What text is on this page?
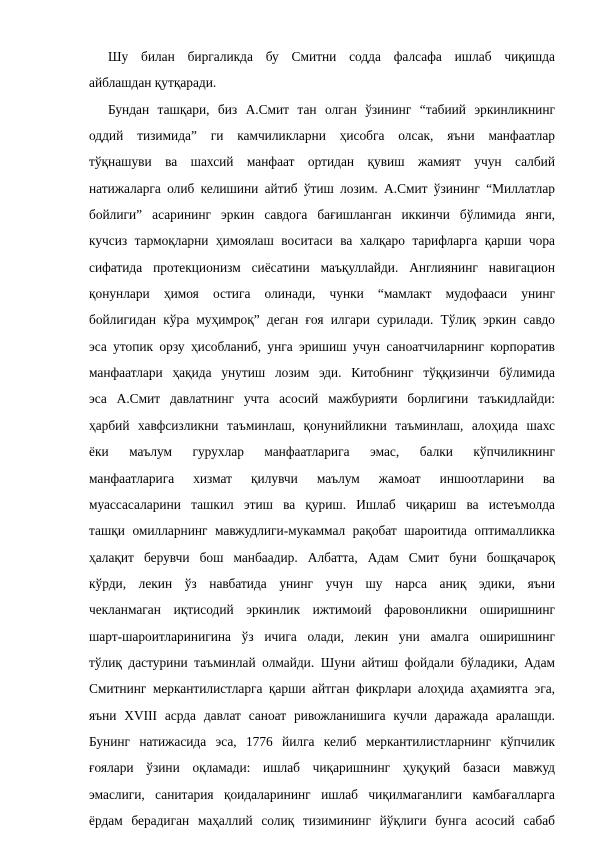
Шу билан биргаликда бу Смитни содда фалсафа ишлаб чиқишда
айблашдан қутқаради.
Бундан ташқари, биз А.Смит тан олган ўзининг “табиий эркинликнинг
оддий тизимида” ги камчиликларни ҳисобга олсак, яъни манфаатлар
тўқнашуви ва шахсий манфаат ортидан қувиш жамият учун салбий
натижаларга олиб келишини айтиб ўтиш лозим. А.Смит ўзининг “Миллатлар
бойлиги” асарининг эркин савдога бағишланган иккинчи бўлимида янги,
кучсиз тармоқларни ҳимоялаш воситаси ва халқаро тарифларга қарши чора
сифатида протекционизм сиёсатини маъқуллайди. Англиянинг навигацион
қонунлари ҳимоя остига олинади, чунки “мамлакт мудофааси унинг
бойлигидан кўра муҳимроқ” деган ғоя илгари сурилади. Тўлиқ эркин савдо
эса утопик орзу ҳисобланиб, унга эришиш учун саноатчиларнинг корпоратив
манфаатлари ҳақида унутиш лозим эди. Китобнинг тўққизинчи бўлимида
эса А.Смит давлатнинг учта асосий мажбурияти борлигини таъкидлайди:
ҳарбий хавфсизликни таъминлаш, қонунийликни таъминлаш, алоҳида шахс
ёки маълум гурухлар манфаатларига эмас, балки кўпчиликнинг
манфаатларига хизмат қилувчи маълум жамоат иншоотларини ва
муассасаларини ташкил этиш ва қуриш. Ишлаб чиқариш ва истеъмолда
ташқи омилларнинг мавжудлиги-мукаммал рақобат шароитида оптималликка
ҳалақит берувчи бош манбаадир. Албатта, Адам Смит буни бошқачароқ
кўрди, лекин ўз навбатида унинг учун шу нарса аниқ эдики, яъни
чекланмаган иқтисодий эркинлик ижтимоий фаровонликни оширишнинг
шарт-шароитларинигина ўз ичига олади, лекин уни амалга оширишнинг
тўлиқ дастурини таъминлай олмайди. Шуни айтиш фойдали бўладики, Адам
Смитнинг меркантилистларга қарши айтган фикрлари алоҳида аҳамиятга эга,
яъни XVIII асрда давлат саноат ривожланишига кучли даражада аралашди.
Бунинг натижасида эса, 1776 йилга келиб меркантилистларнинг кўпчилик
ғоялари ўзини оқламади: ишлаб чиқаришнинг ҳуқуқий базаси мавжуд
эмаслиги, санитария қоидаларининг ишлаб чиқилмаганлиги камбағалларга
ёрдам берадиган маҳаллий солиқ тизимининг йўқлиги бунга асосий сабаб
